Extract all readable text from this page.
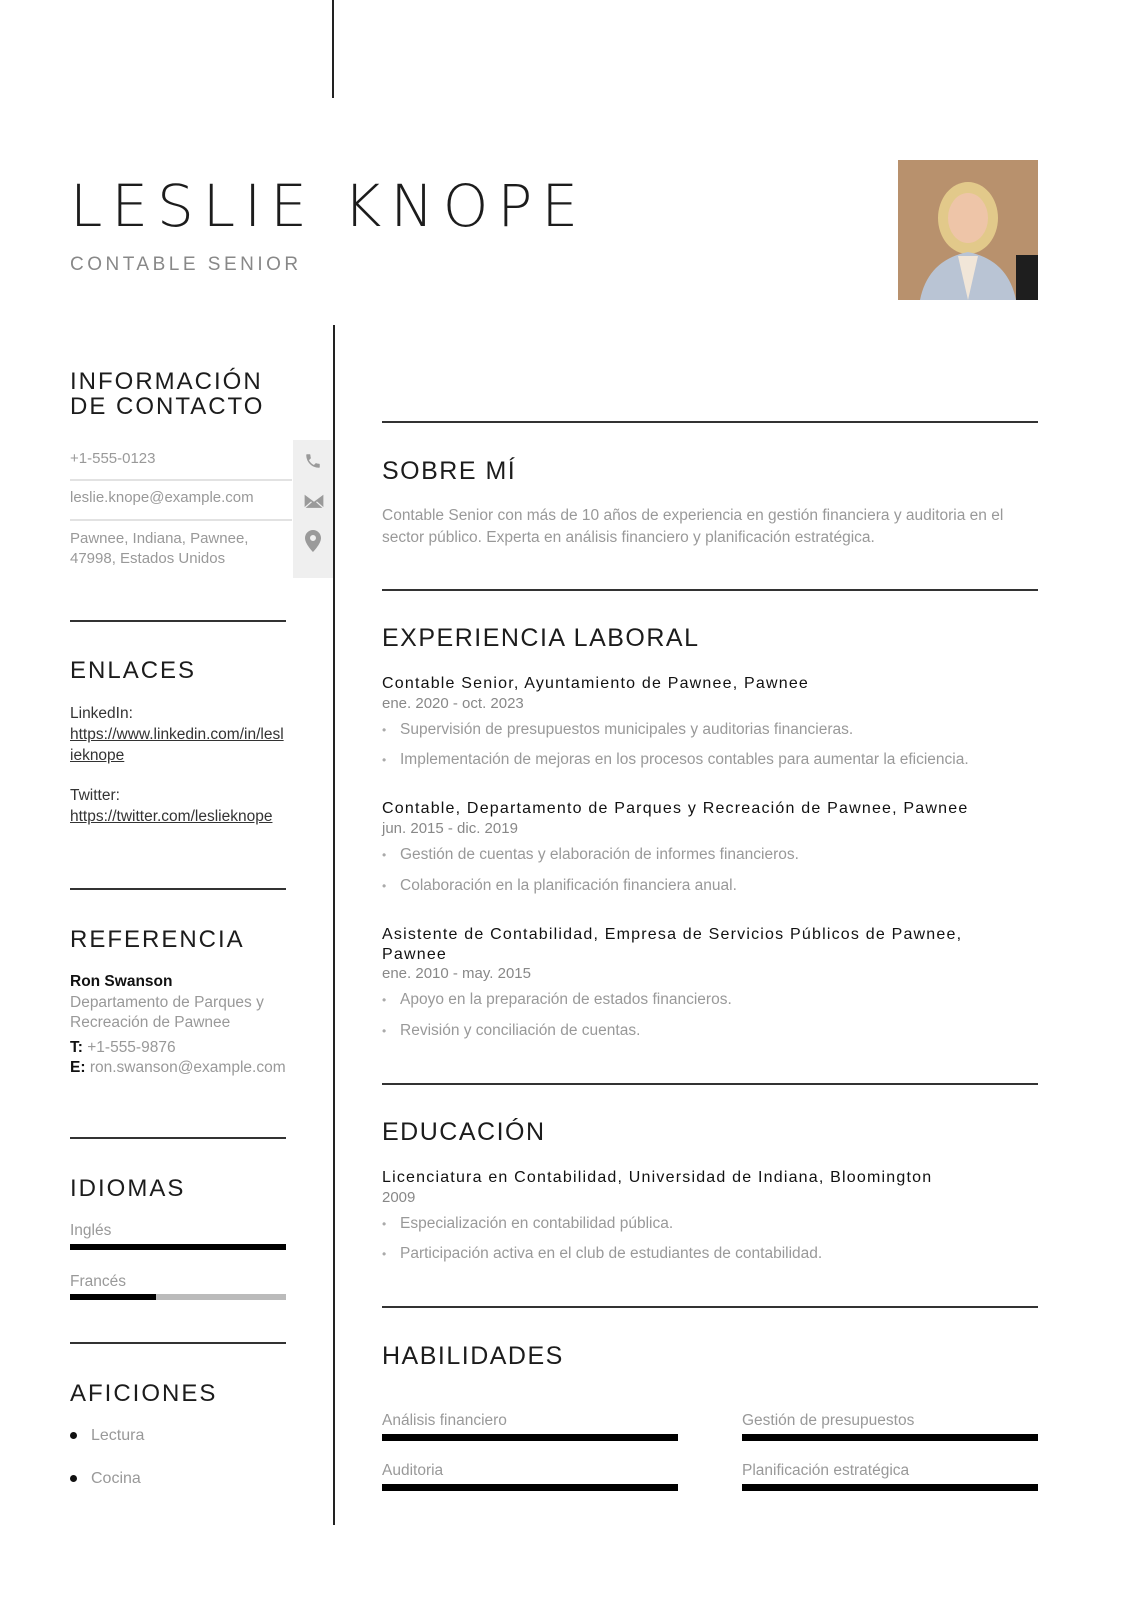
LESLIE KNOPE
CONTABLE SENIOR
INFORMACIÓN
DE CONTACTO
+1-555-0123
leslie.knope@example.com
Pawnee, Indiana, Pawnee,
47998, Estados Unidos
ENLACES
LinkedIn:
https://www.linkedin.com/in/leslieknope
Twitter:
https://twitter.com/leslieknope
REFERENCIA
Ron Swanson
Departamento de Parques y Recreación de Pawnee
T: +1-555-9876
E: ron.swanson@example.com
IDIOMAS
Inglés
Francés
AFICIONES
Lectura
Cocina
SOBRE MÍ
Contable Senior con más de 10 años de experiencia en gestión financiera y auditoria en el sector público. Experta en análisis financiero y planificación estratégica.
EXPERIENCIA LABORAL
Contable Senior, Ayuntamiento de Pawnee, Pawnee
ene. 2020 - oct. 2023
• Supervisión de presupuestos municipales y auditorias financieras.
• Implementación de mejoras en los procesos contables para aumentar la eficiencia.
Contable, Departamento de Parques y Recreación de Pawnee, Pawnee
jun. 2015 - dic. 2019
• Gestión de cuentas y elaboración de informes financieros.
• Colaboración en la planificación financiera anual.
Asistente de Contabilidad, Empresa de Servicios Públicos de Pawnee, Pawnee
ene. 2010 - may. 2015
• Apoyo en la preparación de estados financieros.
• Revisión y conciliación de cuentas.
EDUCACIÓN
Licenciatura en Contabilidad, Universidad de Indiana, Bloomington
2009
• Especialización en contabilidad pública.
• Participación activa en el club de estudiantes de contabilidad.
HABILIDADES
Análisis financiero	Gestión de presupuestos
Auditoria	Planificación estratégica
